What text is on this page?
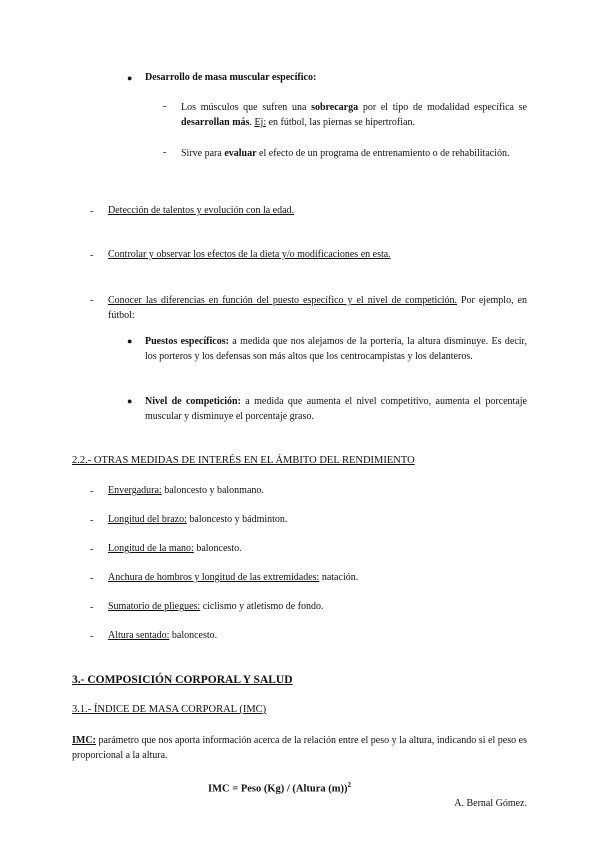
● Desarrollo de masa muscular específico:
- Los músculos que sufren una sobrecarga por el tipo de modalidad específica se desarrollan más. Ej: en fútbol, las piernas se hipertrofian.
- Sirve para evaluar el efecto de un programa de entrenamiento o de rehabilitación.
- Detección de talentos y evolución con la edad.
- Controlar y observar los efectos de la dieta y/o modificaciones en esta.
- Conocer las diferencias en función del puesto específico y el nivel de competición. Por ejemplo, en fútbol:
● Puestos específicos: a medida que nos alejamos de la portería, la altura disminuye. Es decir, los porteros y los defensas son más altos que los centrocampistas y los delanteros.
● Nivel de competición: a medida que aumenta el nivel competitivo, aumenta el porcentaje muscular y disminuye el porcentaje graso.
2.2.- OTRAS MEDIDAS DE INTERÉS EN EL ÁMBITO DEL RENDIMIENTO
- Envergadura: baloncesto y balonmano.
- Longitud del brazo: baloncesto y bádminton.
- Longitud de la mano: baloncesto.
- Anchura de hombros y longitud de las extremidades: natación.
- Sumatorio de pliegues: ciclismo y atletismo de fondo.
- Altura sentado: baloncesto.
3.- COMPOSICIÓN CORPORAL Y SALUD
3.1.- ÍNDICE DE MASA CORPORAL (IMC)
IMC: parámetro que nos aporta información acerca de la relación entre el peso y la altura, indicando si el peso es proporcional a la altura.
IMC = Peso (Kg) / (Altura (m))$^2$
A. Bernal Gómez.
